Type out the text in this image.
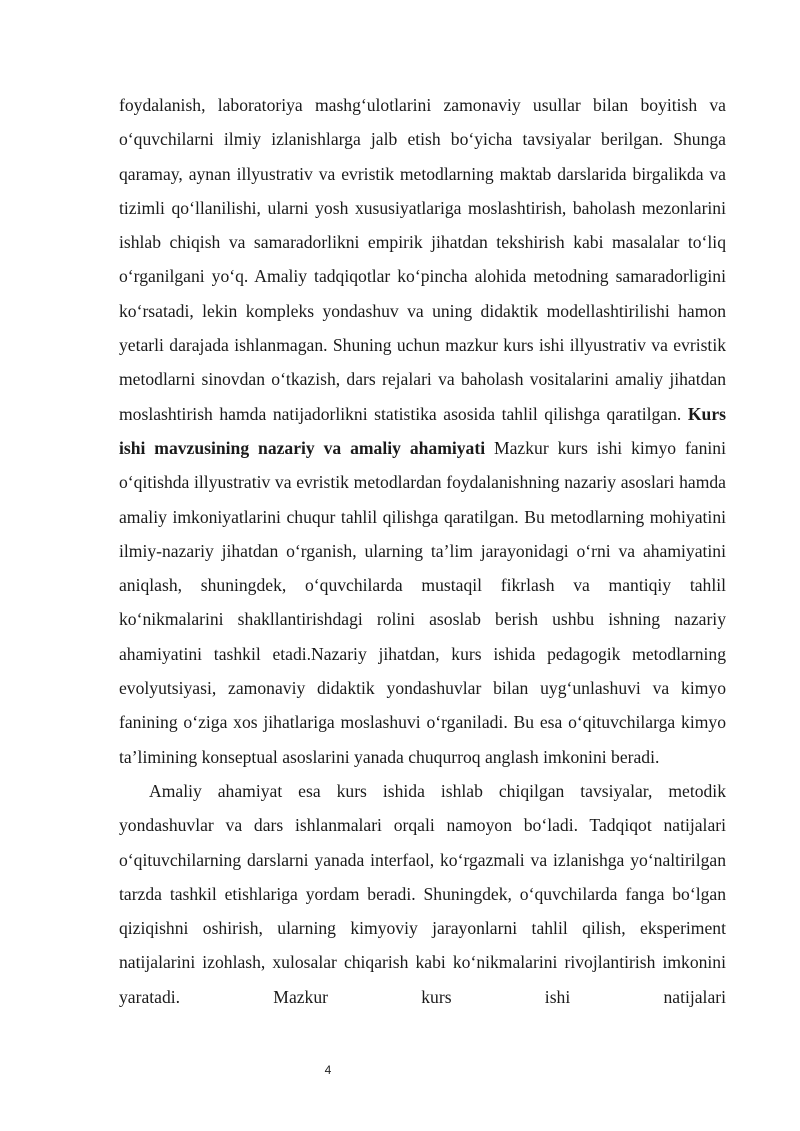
foydalanish, laboratoriya mashg‘ulotlarini zamonaviy usullar bilan boyitish va o‘quvchilarni ilmiy izlanishlarga jalb etish bo‘yicha tavsiyalar berilgan. Shunga qaramay, aynan illyustrativ va evristik metodlarning maktab darslarida birgalikda va tizimli qo‘llanilishi, ularni yosh xususiyatlariga moslashtirish, baholash mezonlarini ishlab chiqish va samaradorlikni empirik jihatdan tekshirish kabi masalalar to‘liq o‘rganilgani yo‘q. Amaliy tadqiqotlar ko‘pincha alohida metodning samaradorligini ko‘rsatadi, lekin kompleks yondashuv va uning didaktik modellashtirilishi hamon yetarli darajada ishlanmagan. Shuning uchun mazkur kurs ishi illyustrativ va evristik metodlarni sinovdan o‘tkazish, dars rejalari va baholash vositalarini amaliy jihatdan moslashtirish hamda natijadorlikni statistika asosida tahlil qilishga qaratilgan. Kurs ishi mavzusining nazariy va amaliy ahamiyati Mazkur kurs ishi kimyo fanini o‘qitishda illyustrativ va evristik metodlardan foydalanishning nazariy asoslari hamda amaliy imkoniyatlarini chuqur tahlil qilishga qaratilgan. Bu metodlarning mohiyatini ilmiy-nazariy jihatdan o‘rganish, ularning ta’lim jarayonidagi o‘rni va ahamiyatini aniqlash, shuningdek, o‘quvchilarda mustaqil fikrlash va mantiqiy tahlil ko‘nikmalarini shakllantirishdagi rolini asoslab berish ushbu ishning nazariy ahamiyatini tashkil etadi.Nazariy jihatdan, kurs ishida pedagogik metodlarning evolyutsiyasi, zamonaviy didaktik yondashuvlar bilan uyg‘unlashuvi va kimyo fanining o‘ziga xos jihatlariga moslashuvi o‘rganiladi. Bu esa o‘qituvchilarga kimyo ta’limining konseptual asoslarini yanada chuqurroq anglash imkonini beradi.

Amaliy ahamiyat esa kurs ishida ishlab chiqilgan tavsiyalar, metodik yondashuvlar va dars ishlanmalari orqali namoyon bo‘ladi. Tadqiqot natijalari o‘qituvchilarning darslarni yanada interfaol, ko‘rgazmali va izlanishga yo‘naltirilgan tarzda tashkil etishlariga yordam beradi. Shuningdek, o‘quvchilarda fanga bo‘lgan qiziqishni oshirish, ularning kimyoviy jarayonlarni tahlil qilish, eksperiment natijalarini izohlash, xulosalar chiqarish kabi ko‘nikmalarini rivojlantirish imkonini yaratadi. Mazkur kurs ishi natijalari

4
